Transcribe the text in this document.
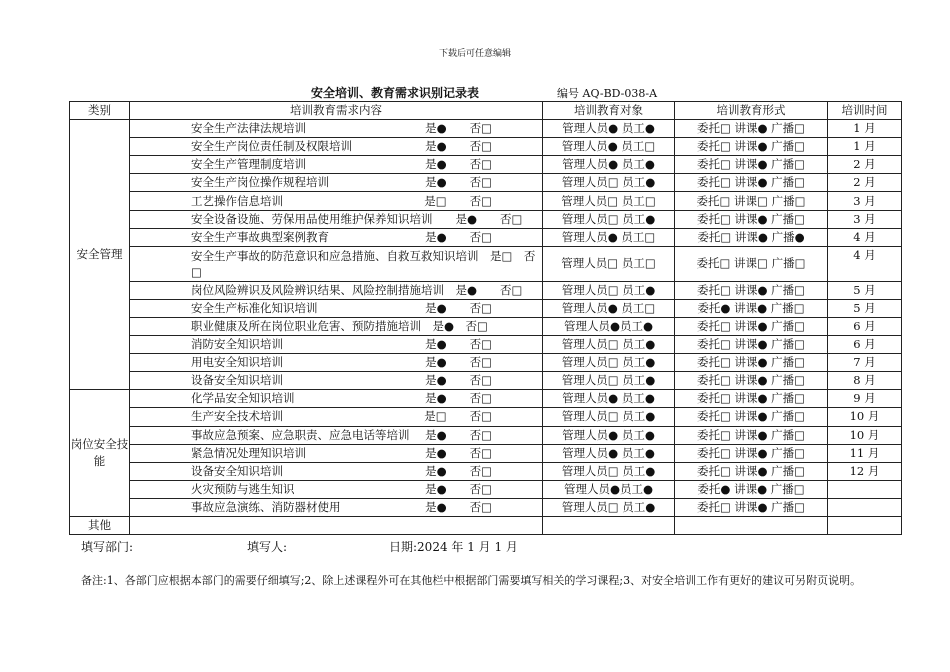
下载后可任意编辑
安全培训、教育需求识别记录表	编号 AQ-BD-038-A
类别	培训教育需求内容	培训教育对象	培训教育形式	培训时间
安全管理	安全生产法律法规培训 是●　　否□	管理人员● 员工●	委托□ 讲课● 广播□	1 月

	安全生产岗位责任制及权限培训 是●　　否□	管理人员● 员工□	委托□ 讲课● 广播□	1 月

	安全生产管理制度培训 是●　　否□	管理人员● 员工●	委托□ 讲课● 广播□	2 月

	安全生产岗位操作规程培训 是●　　否□	管理人员□ 员工●	委托□ 讲课● 广播□	2 月

	工艺操作信息培训 是□　　否□	管理人员□ 员工□	委托□ 讲课□ 广播□	3 月
	安全设备设施、劳保用品使用维护保养知识培训　　是●　　否□	管理人员□ 员工●	委托□ 讲课● 广播□	3 月

	安全生产事故典型案例教育 是●　　否□	管理人员● 员工□	委托□ 讲课● 广播●	4 月
	安全生产事故的防范意识和应急措施、自救互救知识培训　是□　否□	管理人员□ 员工□	委托□ 讲课□ 广播□	4 月
	岗位风险辨识及风险辨识结果、风险控制措施培训　是●　　否□	管理人员□ 员工●	委托□ 讲课● 广播□	5 月

	安全生产标准化知识培训 是●　　否□	管理人员● 员工□	委托● 讲课● 广播□	5 月
	职业健康及所在岗位职业危害、预防措施培训　是●　否□	管理人员●员工●	委托□ 讲课● 广播□	6 月

	消防安全知识培训 是●　　否□	管理人员□ 员工●	委托□ 讲课● 广播□	6 月

	用电安全知识培训 是●　　否□	管理人员□ 员工●	委托□ 讲课● 广播□	7 月

	设备安全知识培训 是●　　否□	管理人员□ 员工●	委托□ 讲课● 广播□	8 月
岗位安全技能	化学品安全知识培训 是●　　否□	管理人员● 员工●	委托□ 讲课● 广播□	9 月

	生产安全技术培训 是□　　否□	管理人员□ 员工●	委托□ 讲课● 广播□	10 月

	事故应急预案、应急职责、应急电话等培训 是●　　否□	管理人员● 员工●	委托□ 讲课● 广播□	10 月

	紧急情况处理知识培训 是●　　否□	管理人员● 员工●	委托□ 讲课● 广播□	11 月

	设备安全知识培训 是●　　否□	管理人员□ 员工●	委托□ 讲课● 广播□	12 月

	火灾预防与逃生知识 是●　　否□	管理人员●员工●	委托● 讲课● 广播□	

	事故应急演练、消防器材使用 是●　　否□	管理人员□ 员工●	委托□ 讲课● 广播□	
其他				
填写部门:	填写人:	日期:2024 年 1 月 1 月
备注:1、各部门应根据本部门的需要仔细填写;2、除上述课程外可在其他栏中根据部门需要填写相关的学习课程;3、对安全培训工作有更好的建议可另附页说明。
